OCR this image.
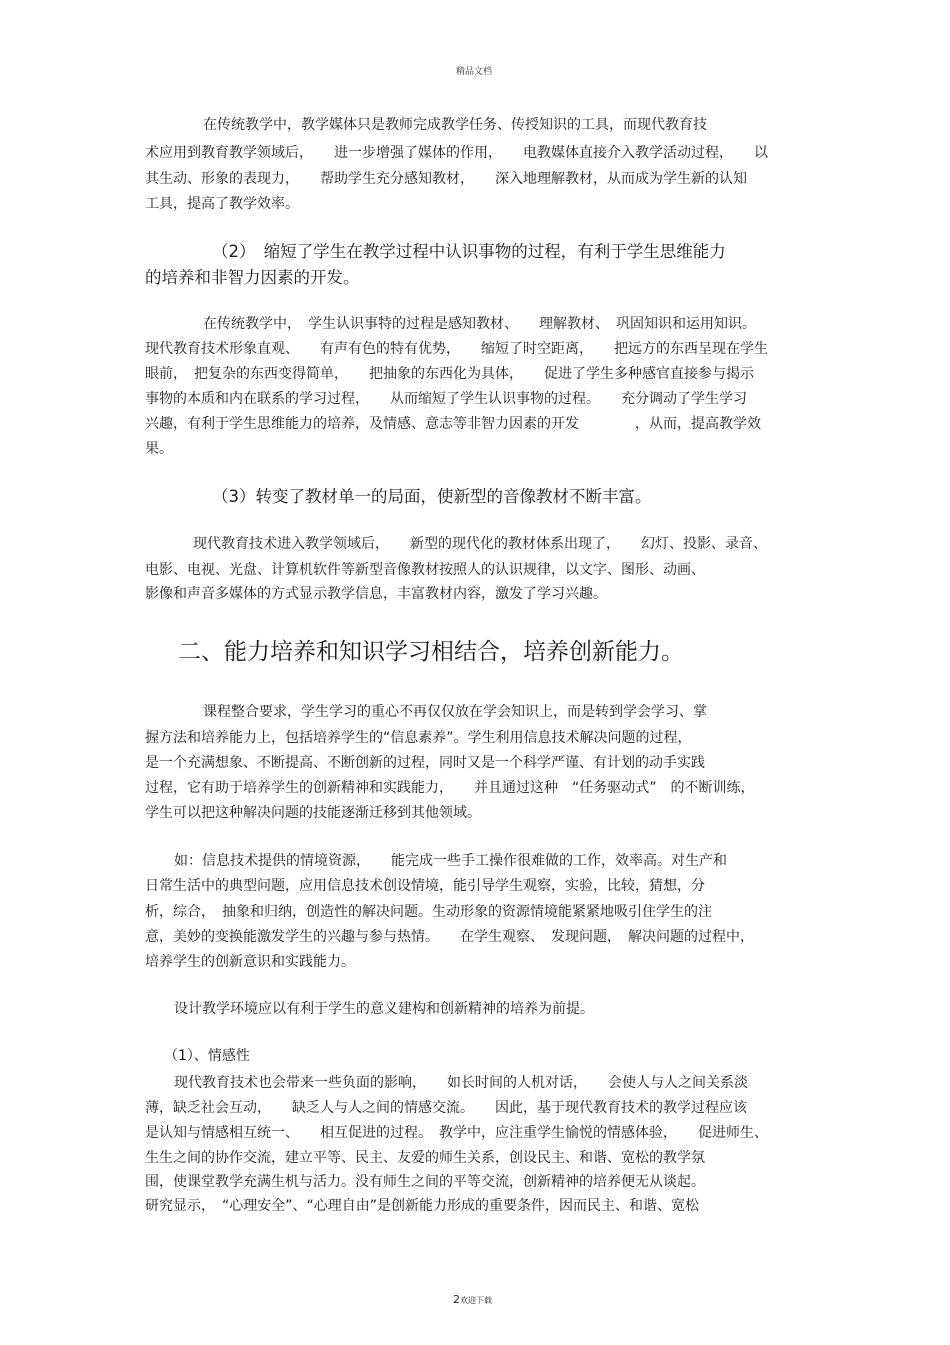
精品文档
在传统教学中，教学媒体只是教师完成教学任务、传授知识的工具，而现代教育技
术应用到教育教学领域后，　　进一步增强了媒体的作用，　　电教媒体直接介入教学活动过程，　　以
其生动、形象的表现力，　　帮助学生充分感知教材，　　深入地理解教材，从而成为学生新的认知
工具，提高了教学效率。
（2）　缩短了学生在教学过程中认识事物的过程，有利于学生思维能力
的培养和非智力因素的开发。
在传统教学中，　学生认识事特的过程是感知教材、　　理解教材、　巩固知识和运用知识。
现代教育技术形象直观、　　有声有色的特有优势，　　缩短了时空距离，　　把远方的东西呈现在学生
眼前，　把复杂的东西变得简单，　　把抽象的东西化为具体，　　促进了学生多种感官直接参与揭示
事物的本质和内在联系的学习过程，　　从而缩短了学生认识事物的过程。　　充分调动了学生学习
兴趣，有利于学生思维能力的培养，及情感、意志等非智力因素的开发　　　　，从而，提高教学效
果。
（3）转变了教材单一的局面，使新型的音像教材不断丰富。
现代教育技术进入教学领域后，　　新型的现代化的教材体系出现了，　　幻灯、投影、录音、
电影、电视、光盘、计算机软件等新型音像教材按照人的认识规律，以文字、图形、动画、
影像和声音多媒体的方式显示教学信息，丰富教材内容，激发了学习兴趣。
二、能力培养和知识学习相结合，培养创新能力。
课程整合要求，学生学习的重心不再仅仅放在学会知识上，而是转到学会学习、掌
握方法和培养能力上，包括培养学生的“信息素养”。学生利用信息技术解决问题的过程，
是一个充满想象、不断提高、不断创新的过程，同时又是一个科学严谨、有计划的动手实践
过程，它有助于培养学生的创新精神和实践能力，　　并且通过这种　“任务驱动式”　的不断训练，
学生可以把这种解决问题的技能逐渐迁移到其他领域。
如：信息技术提供的情境资源，　　能完成一些手工操作很难做的工作，效率高。对生产和
日常生活中的典型问题，应用信息技术创设情境，能引导学生观察，实验，比较，猜想，分
析，综合，　抽象和归纳，创造性的解决问题。生动形象的资源情境能紧紧地吸引住学生的注
意，美妙的变换能激发学生的兴趣与参与热情。　　在学生观察、　发现问题，　解决问题的过程中，
培养学生的创新意识和实践能力。
设计教学环境应以有利于学生的意义建构和创新精神的培养为前提。
（1）、情感性
现代教育技术也会带来一些负面的影响，　　如长时间的人机对话，　　会使人与人之间关系淡
薄，缺乏社会互动，　　缺乏人与人之间的情感交流。　　因此，基于现代教育技术的教学过程应该
是认知与情感相互统一、　　相互促进的过程。　教学中，应注重学生愉悦的情感体验，　　促进师生、
生生之间的协作交流，建立平等、民主、友爱的师生关系，创设民主、和谐、宽松的教学氛
围，使课堂教学充满生机与活力。没有师生之间的平等交流，创新精神的培养便无从谈起。
研究显示，　“心理安全”、“心理自由”是创新能力形成的重要条件，因而民主、和谐、宽松
2欢迎下载
